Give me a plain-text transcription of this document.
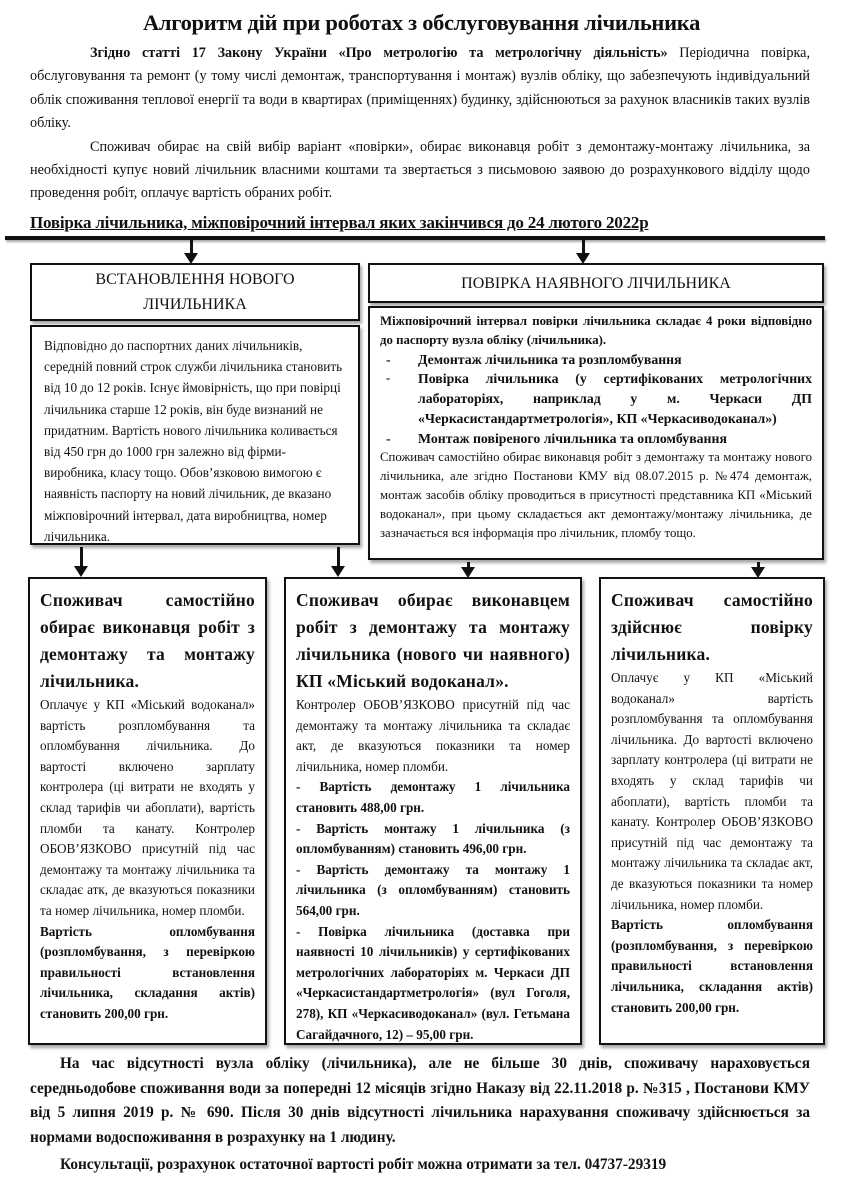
Алгоритм дій при роботах з обслуговування лічильника

Згідно статті 17 Закону України «Про метрологію та метрологічну діяльність» Періодична повірка, обслуговування та ремонт (у тому числі демонтаж, транспортування і монтаж) вузлів обліку, що забезпечують індивідуальний облік споживання теплової енергії та води в квартирах (приміщеннях) будинку, здійснюються за рахунок власників таких вузлів обліку.

Споживач обирає на свій вибір варіант «повірки», обирає виконавця робіт з демонтажу-монтажу лічильника, за необхідності купує новий лічильник власними коштами та звертається з письмовою заявою до розрахункового відділу щодо проведення робіт, оплачує вартість обраних робіт.

Повірка лічильника, міжповірочний інтервал яких закінчився до 24 лютого 2022р
ВСТАНОВЛЕННЯ НОВОГО ЛІЧИЛЬНИКА
ПОВІРКА НАЯВНОГО ЛІЧИЛЬНИКА
Відповідно до паспортних даних лічильників, середній повний строк служби лічильника становить від 10 до 12 років. Існує ймовірність, що при повірці лічильника старше 12 років, він буде визнаний не придатним. Вартість нового лічильника коливається від 450 грн до 1000 грн залежно від фірми-виробника, класу тощо. Обов’язковою вимогою є наявність паспорту на новий лічильник, де вказано міжповірочний інтервал, дата виробництва, номер лічильника.
Міжповірочний інтервал повірки лічильника складає 4 роки відповідно до паспорту вузла обліку (лічильника).
- Демонтаж лічильника та розпломбування
- Повірка лічильника (у сертифікованих метрологічних лабораторіях, наприклад у м. Черкаси ДП «Черкасистандартметрологія», КП «Черкасиводоканал»)
- Монтаж повіреного лічильника та опломбування
Споживач самостійно обирає виконавця робіт з демонтажу та монтажу нового лічильника, але згідно Постанови КМУ від 08.07.2015 р. №474 демонтаж, монтаж засобів обліку проводиться в присутності представника КП «Міський водоканал», при цьому складається акт демонтажу/монтажу лічильника, де зазначається вся інформація про лічильник, пломбу тощо.
Споживач самостійно обирає виконавця робіт з демонтажу та монтажу лічильника.
Оплачує у КП «Міський водоканал» вартість розпломбування та опломбування лічильника. До вартості включено зарплату контролера (ці витрати не входять у склад тарифів чи абоплати), вартість пломби та канату. Контролер ОБОВ’ЯЗКОВО присутній під час демонтажу та монтажу лічильника та складає атк, де вказуються показники та номер лічильника, номер пломби.
Вартість опломбування (розпломбування, з перевіркою правильності встановлення лічильника, складання актів) становить 200,00 грн.
Споживач обирає виконавцем робіт з демонтажу та монтажу лічильника (нового чи наявного) КП «Міський водоканал».
Контролер ОБОВ’ЯЗКОВО присутній під час демонтажу та монтажу лічильника та складає акт, де вказуються показники та номер лічильника, номер пломби.
- Вартість демонтажу 1 лічильника становить 488,00 грн.
- Вартість монтажу 1 лічильника (з опломбуванням) становить 496,00 грн.
- Вартість демонтажу та монтажу 1 лічильника (з опломбуванням) становить 564,00 грн.
- Повірка лічильника (доставка при наявності 10 лічильників) у сертифікованих метрологічних лабораторіях м. Черкаси ДП «Черкасистандартметрологія» (вул Гоголя, 278), КП «Черкасиводоканал» (вул. Гетьмана Сагайдачного, 12) – 95,00 грн.
Споживач самостійно здійснює повірку лічильника.
Оплачує у КП «Міський водоканал» вартість розпломбування та опломбування лічильника. До вартості включено зарплату контролера (ці витрати не входять у склад тарифів чи абоплати), вартість пломби та канату. Контролер ОБОВ’ЯЗКОВО присутній під час демонтажу та монтажу лічильника та складає акт, де вказуються показники та номер лічильника, номер пломби.
Вартість опломбування (розпломбування, з перевіркою правильності встановлення лічильника, складання актів) становить 200,00 грн.

На час відсутності вузла обліку (лічильника), але не більше 30 днів, споживачу нараховується середньодобове споживання води за попередні 12 місяців згідно Наказу від 22.11.2018 р. №315 , Постанови КМУ від 5 липня 2019 р. № 690. Після 30 днів відсутності лічильника нарахування споживачу здійснюється за нормами водоспоживання в розрахунку на 1 людину.

Консультації, розрахунок остаточної вартості робіт можна отримати за тел. 04737-29319
